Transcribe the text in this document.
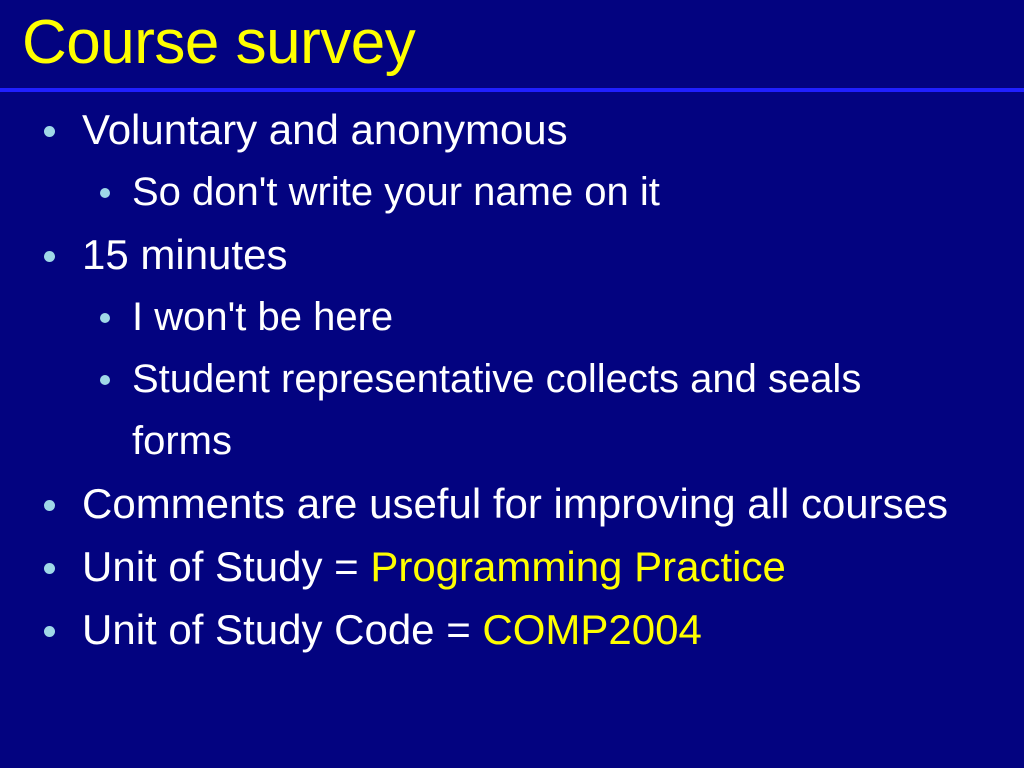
Course survey
Voluntary and anonymous
So don't write your name on it
15 minutes
I won't be here
Student representative collects and seals forms
Comments are useful for improving all courses
Unit of Study = Programming Practice
Unit of Study Code = COMP2004
